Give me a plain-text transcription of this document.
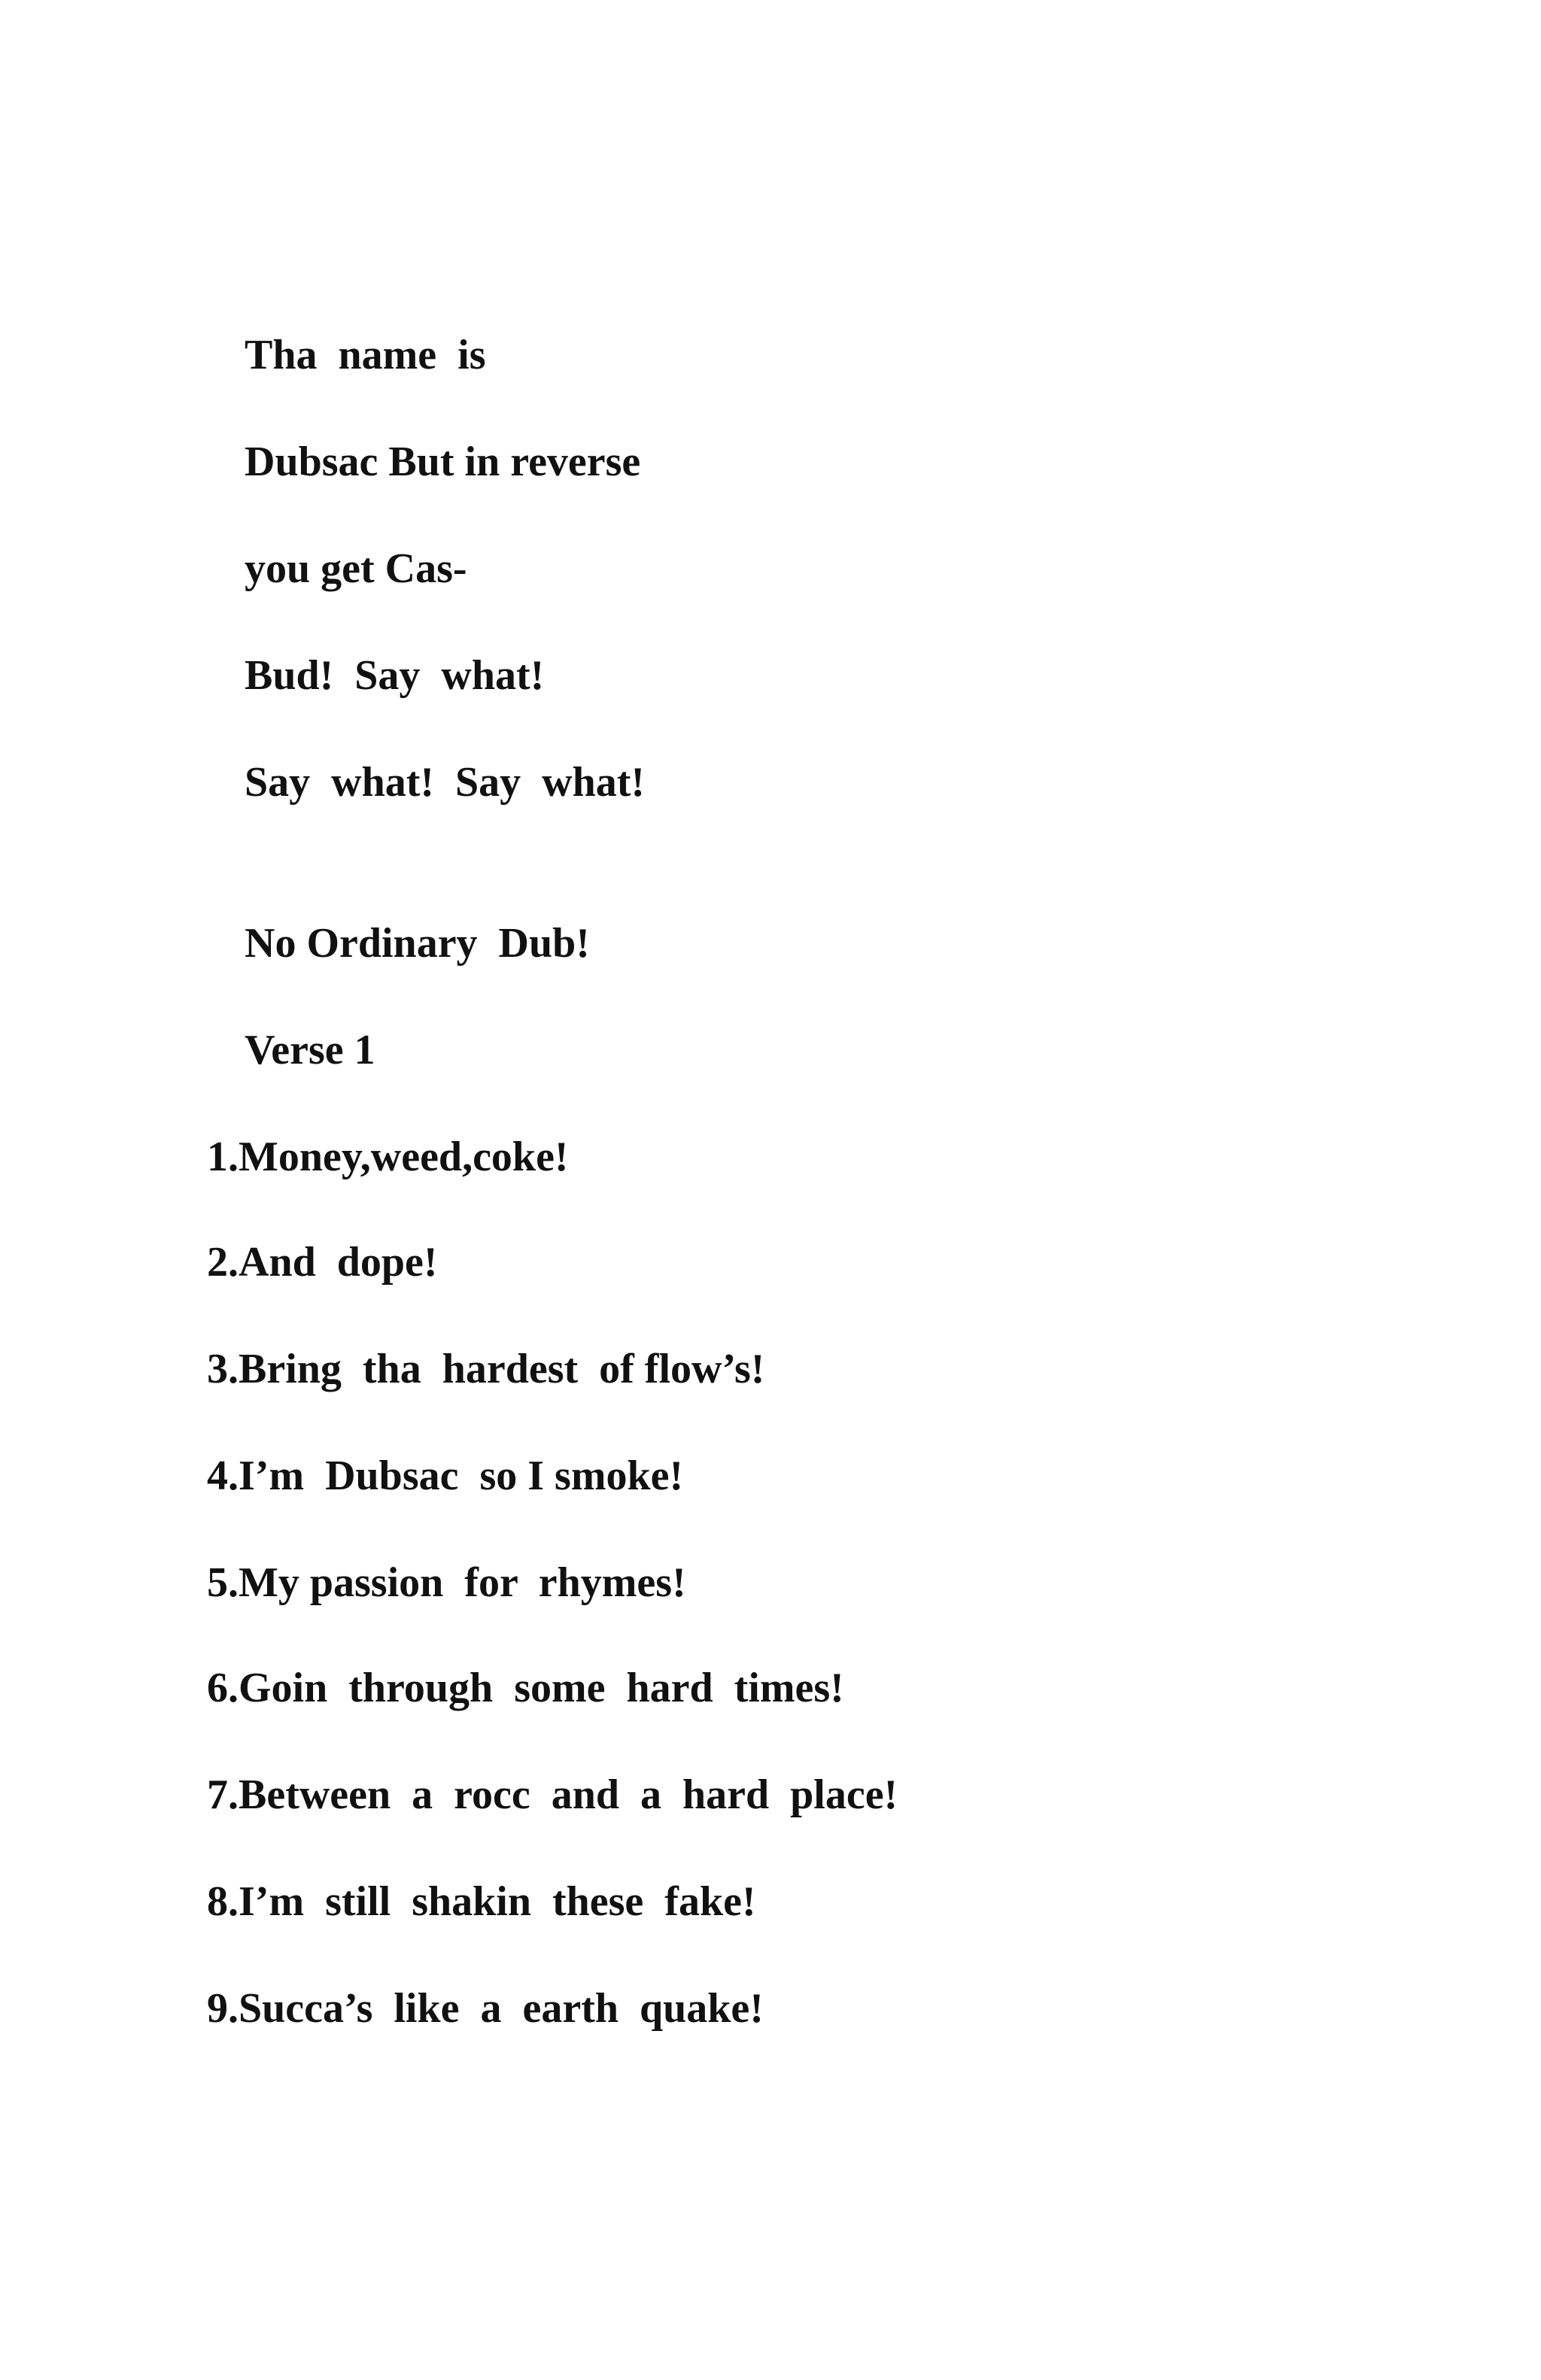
Tha  name  is
Dubsac But in reverse
you get Cas-
Bud!  Say  what!
Say  what!  Say  what!
No Ordinary  Dub!
Verse 1
1.Money,weed,coke!
2.And  dope!
3.Bring  tha  hardest  of flow’s!
4.I’m  Dubsac  so I smoke!
5.My passion  for  rhymes!
6.Goin  through  some  hard  times!
7.Between  a  rocc  and  a  hard  place!
8.I’m  still  shakin  these  fake!
9.Succa’s  like  a  earth  quake!
